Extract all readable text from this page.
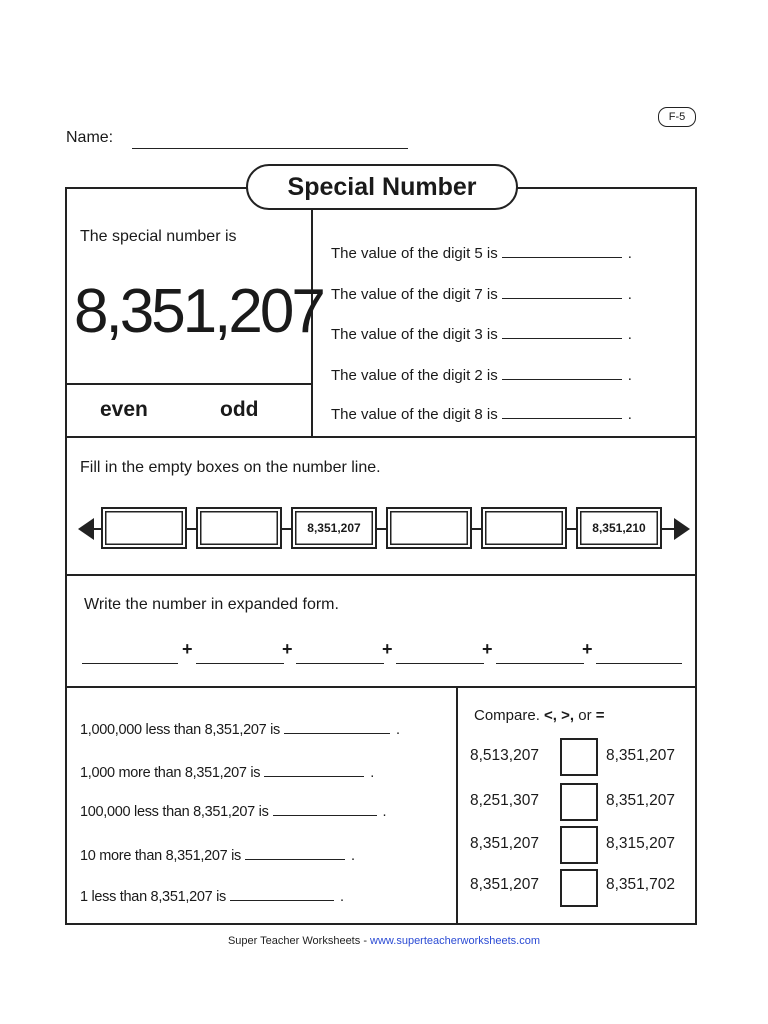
F-5
Name:
Special Number
The special number is
8,351,207
even	odd
The value of the digit 5 is	.
The value of the digit 7 is	.
The value of the digit 3 is	.
The value of the digit 2 is	.
The value of the digit 8 is	.
Fill in the empty boxes on the number line.
8,351,207	8,351,210
Write the number in expanded form.
+	+	+	+	+
1,000,000 less than 8,351,207 is	.
1,000 more than 8,351,207 is	.
100,000 less than 8,351,207 is	.
10 more than 8,351,207 is	.
1 less than 8,351,207 is	.
Compare. <, >, or =
8,513,207	8,351,207
8,251,307	8,351,207
8,351,207	8,315,207
8,351,207	8,351,702
Super Teacher Worksheets - www.superteacherworksheets.com
